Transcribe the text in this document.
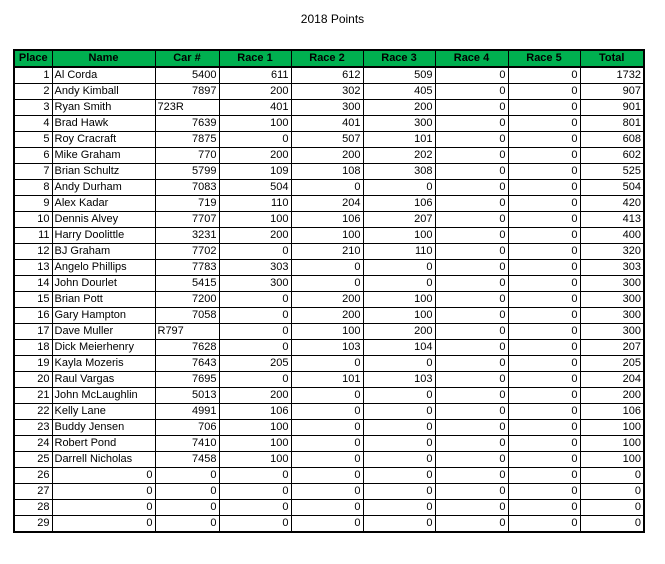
2018 Points
Place	Name	Car #	Race 1	Race 2	Race 3	Race 4	Race 5	Total
1	Al Corda	5400	611	612	509	0	0	1732
2	Andy Kimball	7897	200	302	405	0	0	907
3	Ryan Smith	723R	401	300	200	0	0	901
4	Brad Hawk	7639	100	401	300	0	0	801
5	Roy Cracraft	7875	0	507	101	0	0	608
6	Mike Graham	770	200	200	202	0	0	602
7	Brian Schultz	5799	109	108	308	0	0	525
8	Andy Durham	7083	504	0	0	0	0	504
9	Alex Kadar	719	110	204	106	0	0	420
10	Dennis Alvey	7707	100	106	207	0	0	413
11	Harry Doolittle	3231	200	100	100	0	0	400
12	BJ Graham	7702	0	210	110	0	0	320
13	Angelo Phillips	7783	303	0	0	0	0	303
14	John Dourlet	5415	300	0	0	0	0	300
15	Brian Pott	7200	0	200	100	0	0	300
16	Gary Hampton	7058	0	200	100	0	0	300
17	Dave Muller	R797	0	100	200	0	0	300
18	Dick Meierhenry	7628	0	103	104	0	0	207
19	Kayla Mozeris	7643	205	0	0	0	0	205
20	Raul Vargas	7695	0	101	103	0	0	204
21	John McLaughlin	5013	200	0	0	0	0	200
22	Kelly Lane	4991	106	0	0	0	0	106
23	Buddy Jensen	706	100	0	0	0	0	100
24	Robert Pond	7410	100	0	0	0	0	100
25	Darrell Nicholas	7458	100	0	0	0	0	100
26	0	0	0	0	0	0	0	0
27	0	0	0	0	0	0	0	0
28	0	0	0	0	0	0	0	0
29	0	0	0	0	0	0	0	0
